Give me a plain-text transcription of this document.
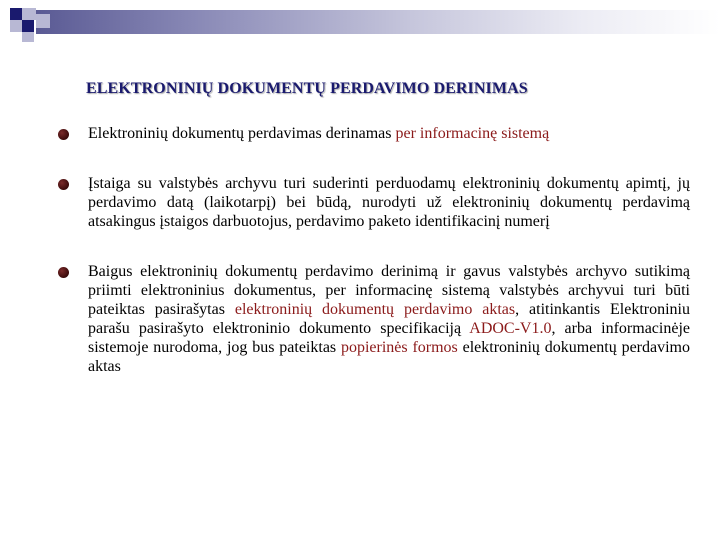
ELEKTRONINIŲ DOKUMENTŲ PERDAVIMO DERINIMAS
Elektroninių dokumentų perdavimas derinamas per informacinę sistemą
Įstaiga su valstybės archyvu turi suderinti perduodamų elektroninių dokumentų apimtį, jų perdavimo datą (laikotarpį) bei būdą, nurodyti už elektroninių dokumentų perdavimą atsakingus įstaigos darbuotojus, perdavimo paketo identifikacinį numerį
Baigus elektroninių dokumentų perdavimo derinimą ir gavus valstybės archyvo sutikimą priimti elektroninius dokumentus, per informacinę sistemą valstybės archyvui turi būti pateiktas pasirašytas elektroninių dokumentų perdavimo aktas, atitinkantis Elektroniniu parašu pasirašyto elektroninio dokumento specifikaciją ADOC-V1.0, arba informacinėje sistemoje nurodoma, jog bus pateiktas popierinės formos elektroninių dokumentų perdavimo aktas
